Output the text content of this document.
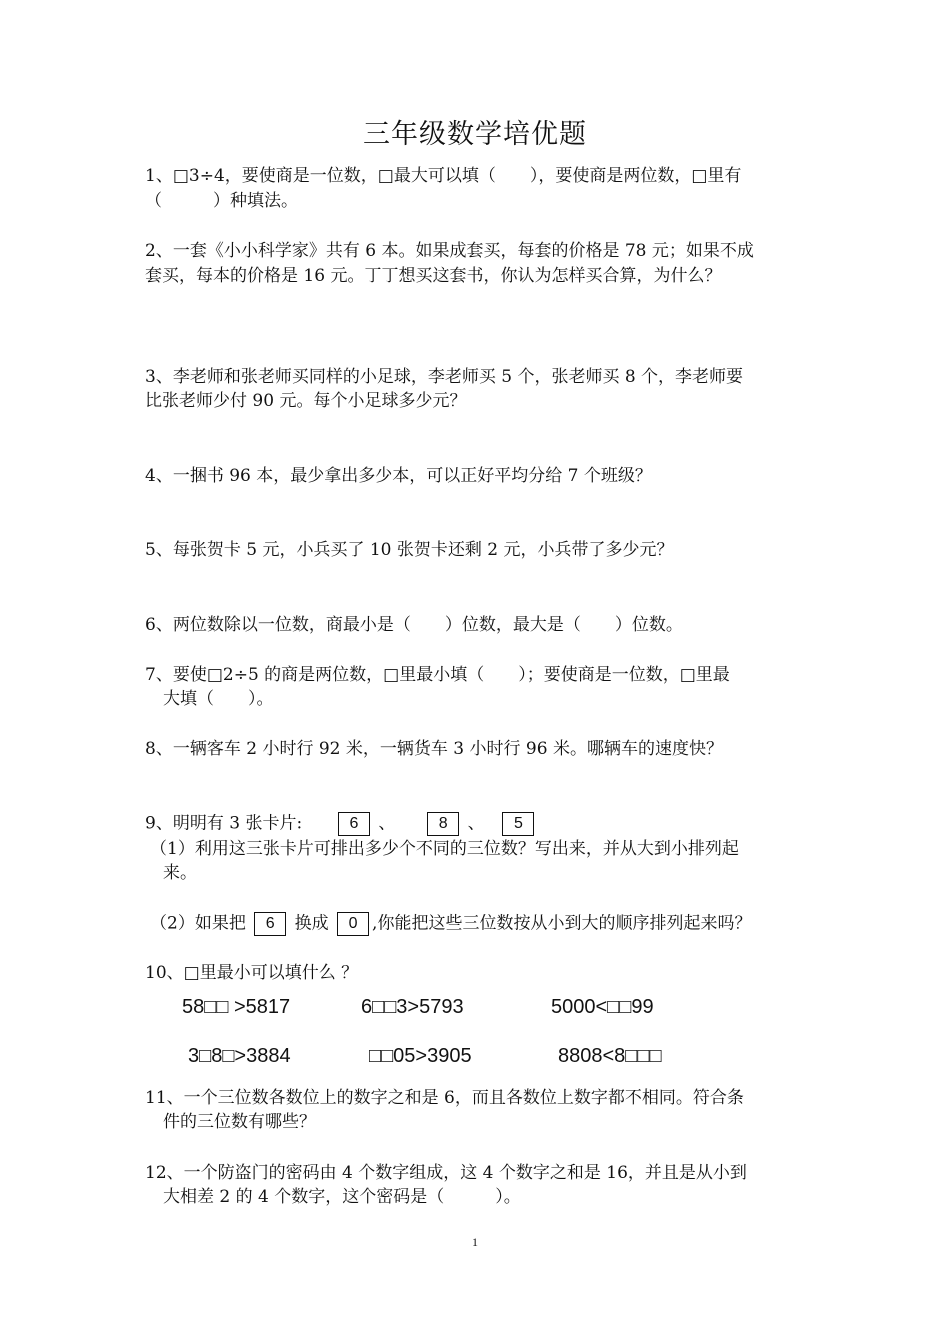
三年级数学培优题
1、□3÷4，要使商是一位数，□最大可以填（　　），要使商是两位数，□里有
（　　　）种填法。
2、一套《小小科学家》共有 6 本。如果成套买，每套的价格是 78 元；如果不成
套买，每本的价格是 16 元。丁丁想买这套书，你认为怎样买合算，为什么？
3、李老师和张老师买同样的小足球，李老师买 5 个，张老师买 8 个，李老师要
比张老师少付 90 元。每个小足球多少元？
4、一捆书 96 本，最少拿出多少本，可以正好平均分给 7 个班级？
5、每张贺卡 5 元，小兵买了 10 张贺卡还剩 2 元，小兵带了多少元？
6、两位数除以一位数，商最小是（　　）位数，最大是（　　）位数。
7、要使□2÷5 的商是两位数，□里最小填（　　）；要使商是一位数，□里最
大填（　　）。
8、一辆客车 2 小时行 92 米，一辆货车 3 小时行 96 米。哪辆车的速度快？
9、明明有 3 张卡片:	6 、	8 、 5
（1）利用这三张卡片可排出多少个不同的三位数？写出来，并从大到小排列起
来。
（2）如果把 6 换成 0 ,你能把这些三位数按从小到大的顺序排列起来吗？
10、□里最小可以填什么 ？
58□□ >5817	6□□3>5793	5000<□□99
3□8□>3884	□□05>3905	8808<8□□□
11、一个三位数各数位上的数字之和是 6，而且各数位上数字都不相同。符合条
件的三位数有哪些？
12、一个防盗门的密码由 4 个数字组成，这 4 个数字之和是 16，并且是从小到
大相差 2 的 4 个数字，这个密码是（　　　）。
1
